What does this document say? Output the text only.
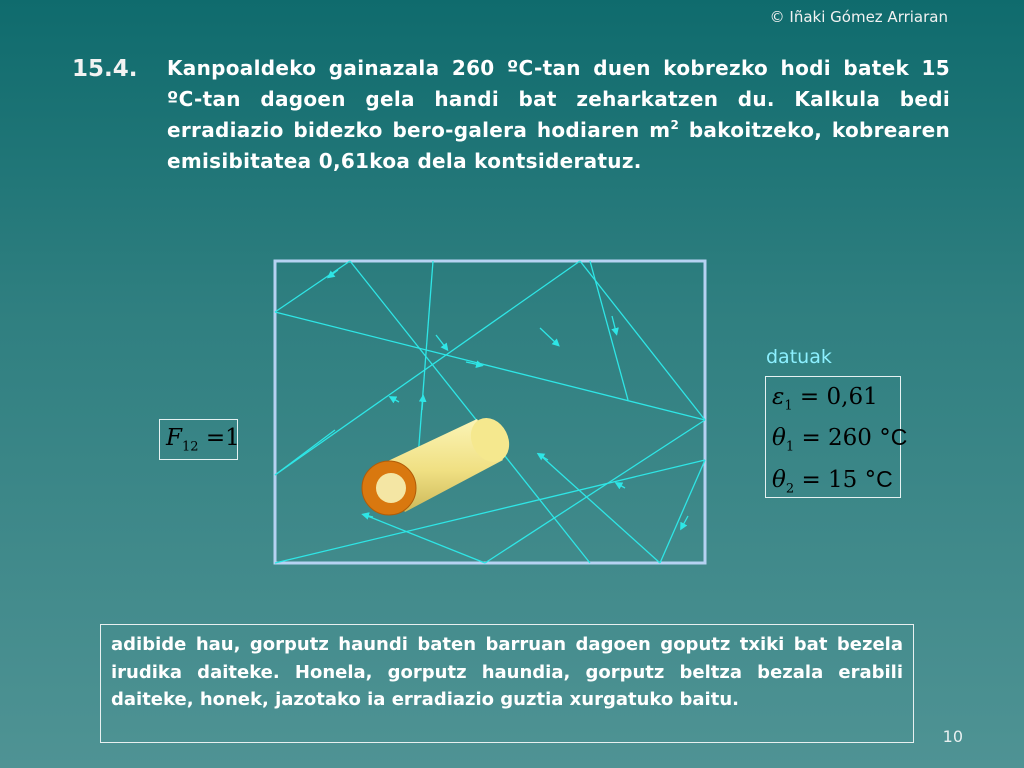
© Iñaki Gómez Arriaran
15.4. Kanpoaldeko gainazala 260 ºC-tan duen kobrezko hodi batek 15 ºC-tan dagoen gela handi bat zeharkatzen du. Kalkula bedi erradiazio bidezko bero-galera hodiaren $m^2$ bakoitzeko, kobrearen emisibitatea 0,61koa dela kontsideratuz.

datuak
$\varepsilon_1 = 0,61$
$\theta_1 = 260$ °C
$\theta_2 = 15$ °C
$F_{12} =1$
adibide hau, gorputz haundi baten barruan dagoen goputz txiki bat bezela irudika daiteke. Honela, gorputz haundia, gorputz beltza bezala erabili daiteke, honek, jazotako ia erradiazio guztia xurgatuko baitu.
10
